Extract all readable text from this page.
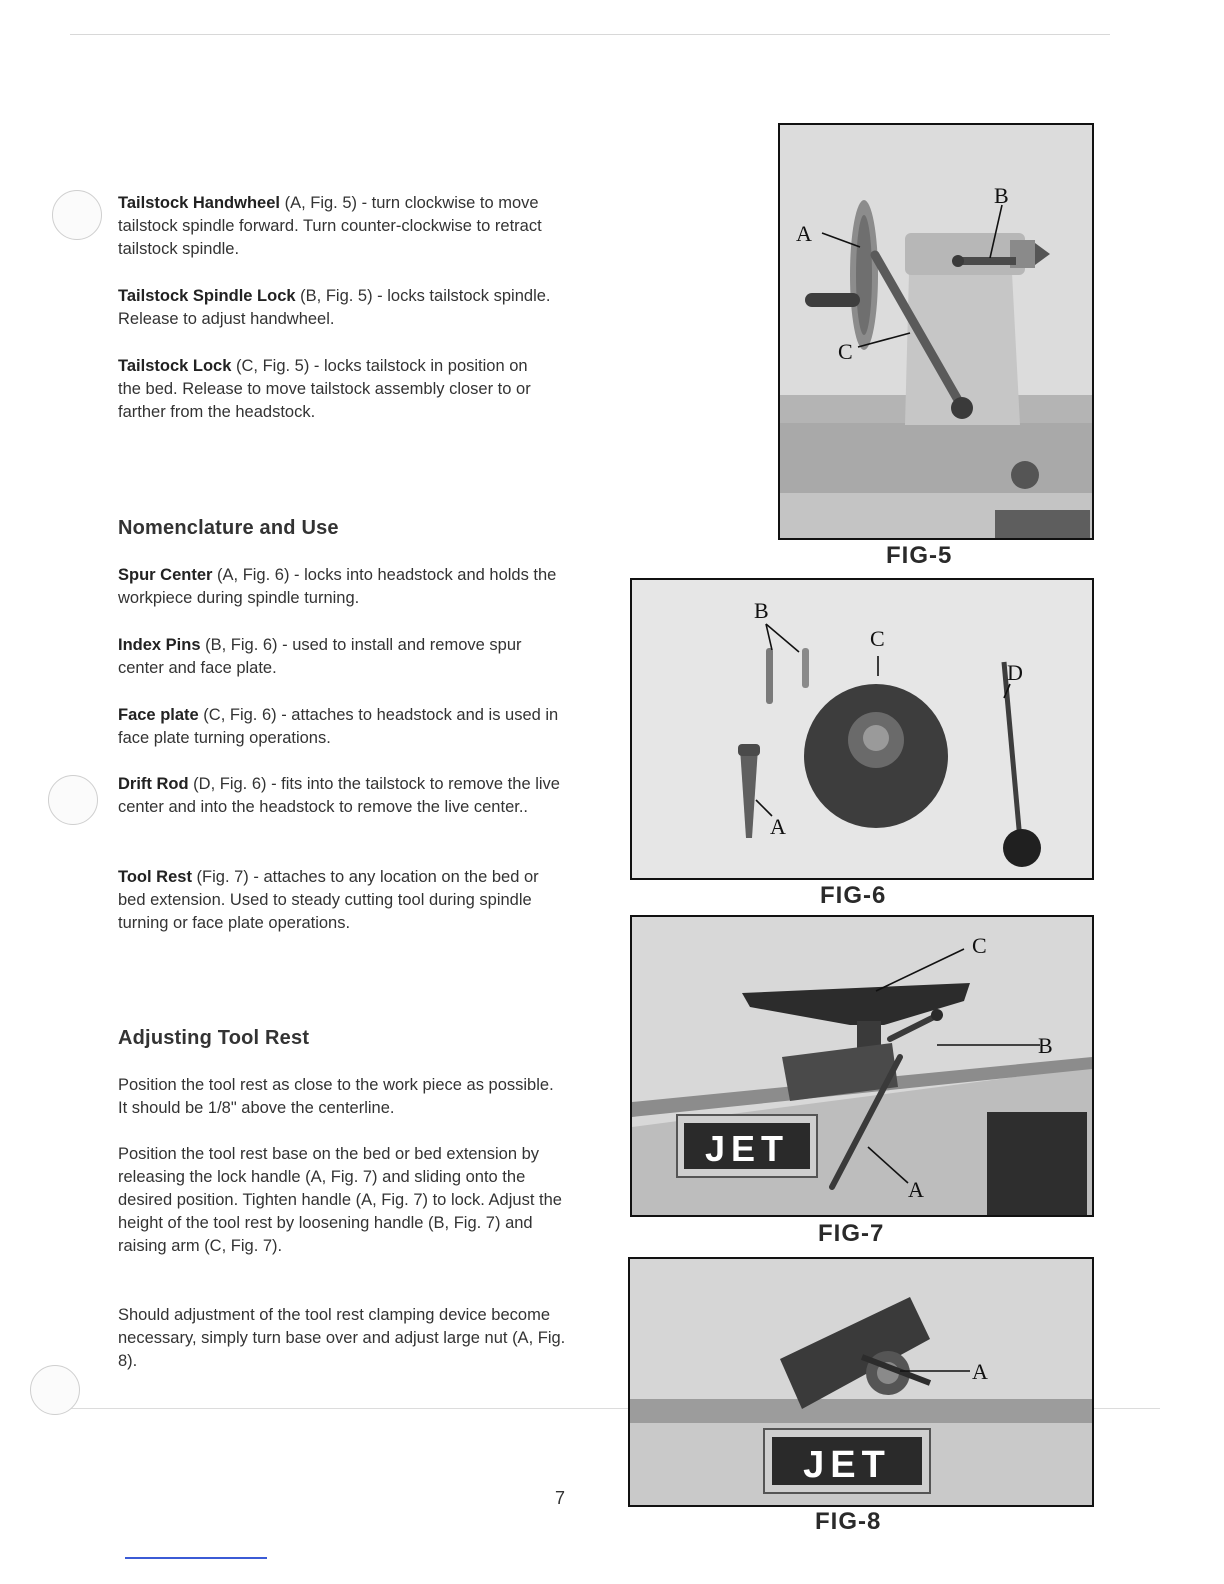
Tailstock Handwheel (A, Fig. 5) - turn clockwise to move tailstock spindle forward. Turn counter-clockwise to retract tailstock spindle.

Tailstock Spindle Lock (B, Fig. 5) - locks tailstock spindle. Release to adjust handwheel.

Tailstock Lock (C, Fig. 5) - locks tailstock in position on the bed. Release to move tailstock assembly closer to or farther from the headstock.

Nomenclature and Use

Spur Center (A, Fig. 6) - locks into headstock and holds the workpiece during spindle turning.

Index Pins (B, Fig. 6) - used to install and remove spur center and face plate.

Face plate (C, Fig. 6) - attaches to headstock and is used in face plate turning operations.

Drift Rod (D, Fig. 6) - fits into the tailstock to remove the live center and into the headstock to remove the live center..

Tool Rest (Fig. 7) - attaches to any location on the bed or bed extension. Used to steady cutting tool during spindle turning or face plate operations.

Adjusting Tool Rest

Position the tool rest as close to the work piece as possible. It should be 1/8" above the centerline.

Position the tool rest base on the bed or bed extension by releasing the lock handle (A, Fig. 7) and sliding onto the desired position. Tighten handle (A, Fig. 7) to lock. Adjust the height of the tool rest by loosening handle (B, Fig. 7) and raising arm (C, Fig. 7).

Should adjustment of the tool rest clamping device become necessary, simply turn base over and adjust large nut (A, Fig. 8).

7
A
B
C
FIG-5
B
C
D
A
FIG-6
JET
C
B
A
FIG-7
JET
A
FIG-8
